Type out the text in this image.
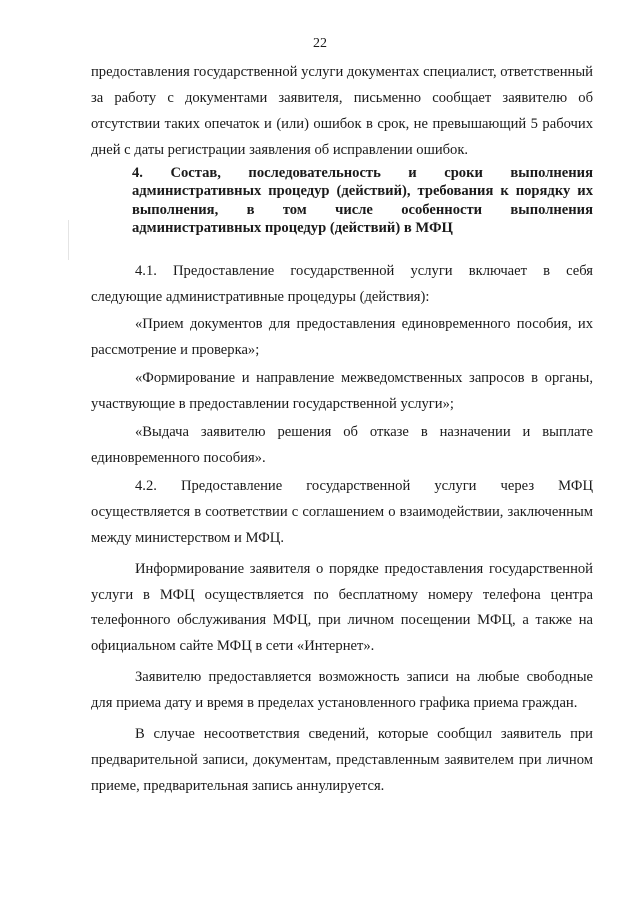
22

предоставления государственной услуги документах специалист, ответственный за работу с документами заявителя, письменно сообщает заявителю об отсутствии таких опечаток и (или) ошибок в срок, не превышающий 5 рабочих дней с даты регистрации заявления об исправлении ошибок.

4. Состав, последовательность и сроки выполнения административных процедур (действий), требования к порядку их выполнения, в том числе особенности выполнения административных процедур (действий) в МФЦ

4.1. Предоставление государственной услуги включает в себя следующие административные процедуры (действия):

«Прием документов для предоставления единовременного пособия, их рассмотрение и проверка»;

«Формирование и направление межведомственных запросов в органы, участвующие в предоставлении государственной услуги»;

«Выдача заявителю решения об отказе в назначении и выплате единовременного пособия».

4.2. Предоставление государственной услуги через МФЦ осуществляется в соответствии с соглашением о взаимодействии, заключенным между министерством и МФЦ.

Информирование заявителя о порядке предоставления государственной услуги в МФЦ осуществляется по бесплатному номеру телефона центра телефонного обслуживания МФЦ, при личном посещении МФЦ, а также на официальном сайте МФЦ в сети «Интернет».

Заявителю предоставляется возможность записи на любые свободные для приема дату и время в пределах установленного графика приема граждан.

В случае несоответствия сведений, которые сообщил заявитель при предварительной записи, документам, представленным заявителем при личном приеме, предварительная запись аннулируется.
